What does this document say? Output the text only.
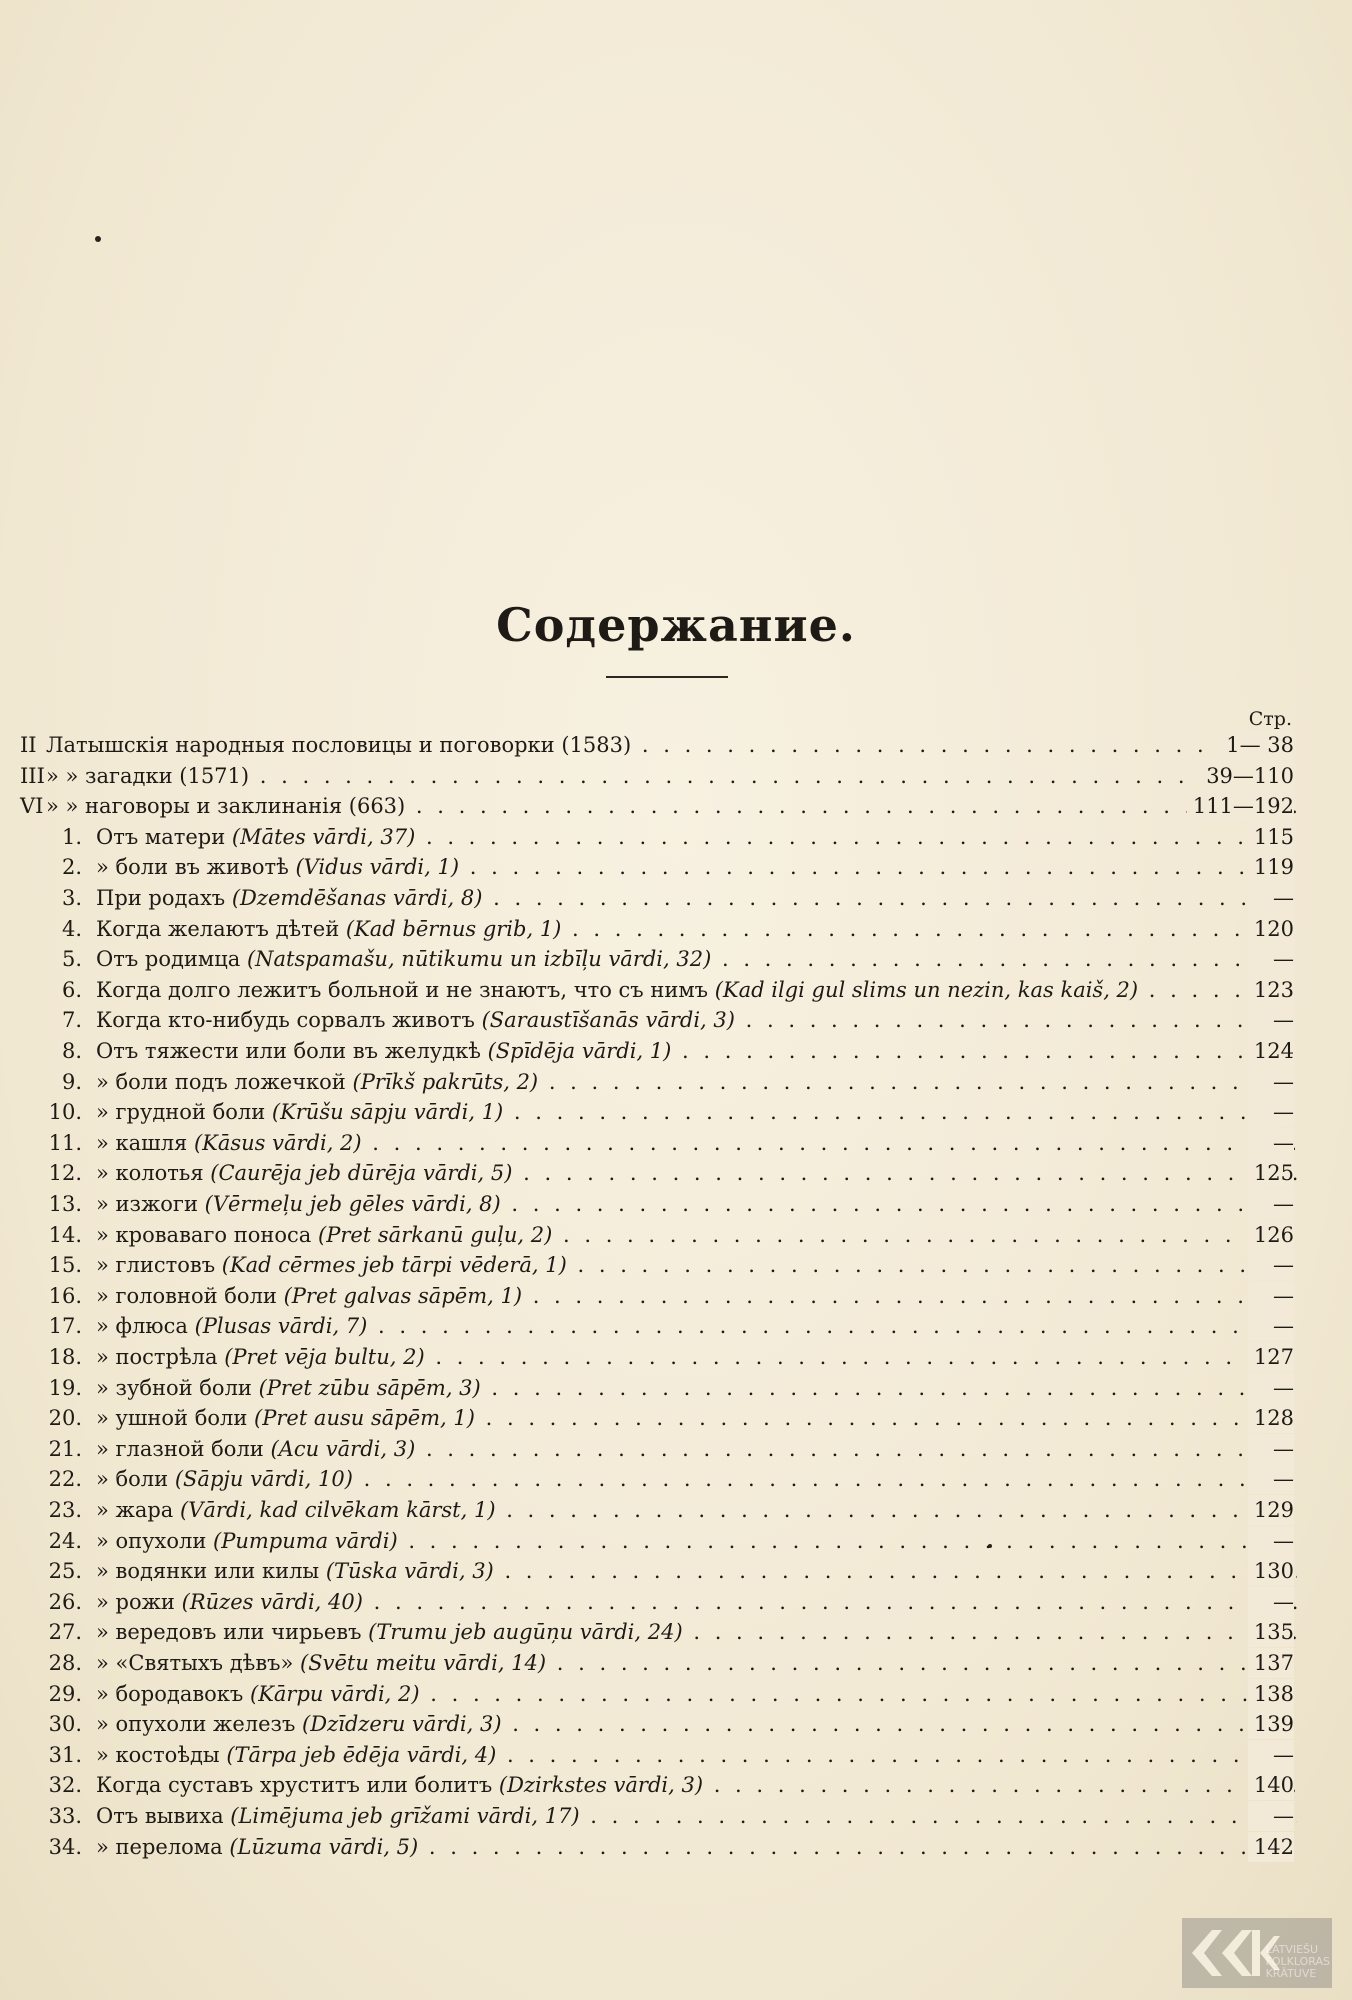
Содержание.
Стр.
II Латышскія народныя пословицы и поговорки (1583) . . .	1— 38
III » » загадки (1571) . . .	39—110
VI » » наговоры и заклинанія (663) . . .	111—192
1. Отъ матери (Mātes vārdi, 37) . . .	115
2. » боли въ животѣ (Vidus vārdi, 1) . . .	119
3. При родахъ (Dzemdēšanas vārdi, 8) . . .	—
4. Когда желаютъ дѣтей (Kad bērnus grib, 1) . . .	120
5. Отъ родимца (Natspamašu, nūtikumu un izbīļu vārdi, 32) . . .	—
6. Когда долго лежитъ больной и не знаютъ, что съ нимъ (Kad ilgi gul slims un nezin, kas kaiš, 2) . . .	123
7. Когда кто-нибудь сорвалъ животъ (Saraustīšanās vārdi, 3) . . .	—
8. Отъ тяжести или боли въ желудкѣ (Spīdēja vārdi, 1) . . .	124
9. » боли подъ ложечкой (Prīkš pakrūts, 2) . . .	—
10. » грудной боли (Krūšu sāpju vārdi, 1) . . .	—
11. » кашля (Kāsus vārdi, 2) . . .	—
12. » колотья (Caurēja jeb dūrēja vārdi, 5) . . .	125
13. » изжоги (Vērmeļu jeb gēles vārdi, 8) . . .	—
14. » кроваваго поноса (Pret sārkanū guļu, 2) . . .	126
15. » глистовъ (Kad cērmes jeb tārpi vēderā, 1) . . .	—
16. » головной боли (Pret galvas sāpēm, 1) . . .	—
17. » флюса (Plusas vārdi, 7) . . .	—
18. » пострѣла (Pret vēja bultu, 2) . . .	127
19. » зубной боли (Pret zūbu sāpēm, 3) . . .	—
20. » ушной боли (Pret ausu sāpēm, 1) . . .	128
21. » глазной боли (Acu vārdi, 3) . . .	—
22. » боли (Sāpju vārdi, 10) . . .	—
23. » жара (Vārdi, kad cilvēkam kārst, 1) . . .	129
24. » опухоли (Pumpuma vārdi) . . .	—
25. » водянки или килы (Tūska vārdi, 3) . . .	130
26. » рожи (Rūzes vārdi, 40) . . .	—
27. » вередовъ или чирьевъ (Trumu jeb augūņu vārdi, 24) . . .	135
28. » «Святыхъ дѣвъ» (Svētu meitu vārdi, 14) . . .	137
29. » бородавокъ (Kārpu vārdi, 2) . . .	138
30. » опухоли железъ (Dzīdzeru vārdi, 3) . . .	139
31. » костоѣды (Tārpa jeb ēdēja vārdi, 4) . . .	—
32. Когда суставъ хруститъ или болитъ (Dzirkstes vārdi, 3) . . .	140
33. Отъ вывиха (Limējuma jeb grīžami vārdi, 17) . . .	—
34. » перелома (Lūzuma vārdi, 5) . . .	142
LATVIEŠU
FOLKLORAS
KRĀTUVE
